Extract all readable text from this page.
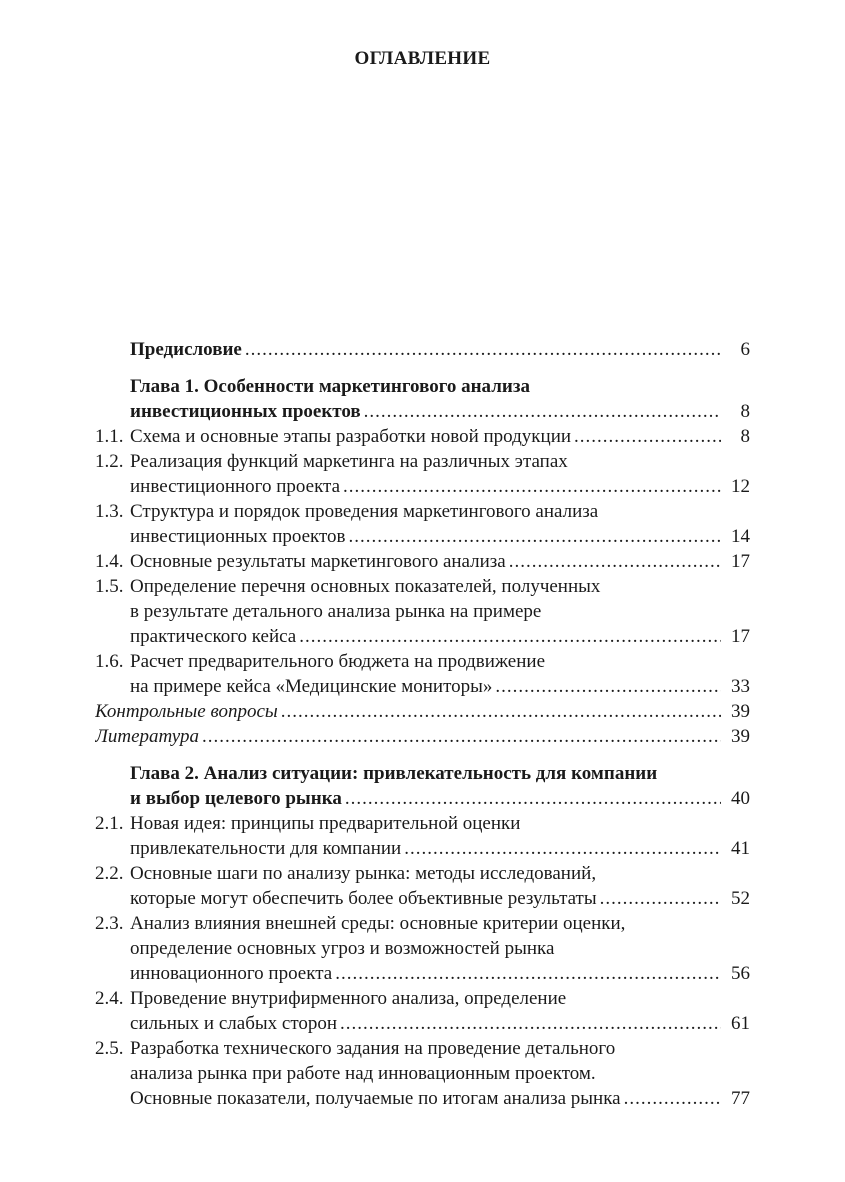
ОГЛАВЛЕНИЕ
Предисловие .....	6
Глава 1. Особенности маркетингового анализа
инвестиционных проектов .....	8
1.1. Схема и основные этапы разработки новой продукции .....	8
1.2. Реализация функций маркетинга на различных этапах
инвестиционного проекта .....	12
1.3. Структура и порядок проведения маркетингового анализа
инвестиционных проектов .....	14
1.4. Основные результаты маркетингового анализа .....	17
1.5. Определение перечня основных показателей, полученных
в результате детального анализа рынка на примере
практического кейса .....	17
1.6. Расчет предварительного бюджета на продвижение
на примере кейса «Медицинские мониторы» .....	33
Контрольные вопросы .....	39
Литература .....	39
Глава 2. Анализ ситуации: привлекательность для компании
и выбор целевого рынка .....	40
2.1. Новая идея: принципы предварительной оценки
привлекательности для компании .....	41
2.2. Основные шаги по анализу рынка: методы исследований,
которые могут обеспечить более объективные результаты .....	52
2.3. Анализ влияния внешней среды: основные критерии оценки,
определение основных угроз и возможностей рынка
инновационного проекта .....	56
2.4. Проведение внутрифирменного анализа, определение
сильных и слабых сторон .....	61
2.5. Разработка технического задания на проведение детального
анализа рынка при работе над инновационным проектом.
Основные показатели, получаемые по итогам анализа рынка .....	77
